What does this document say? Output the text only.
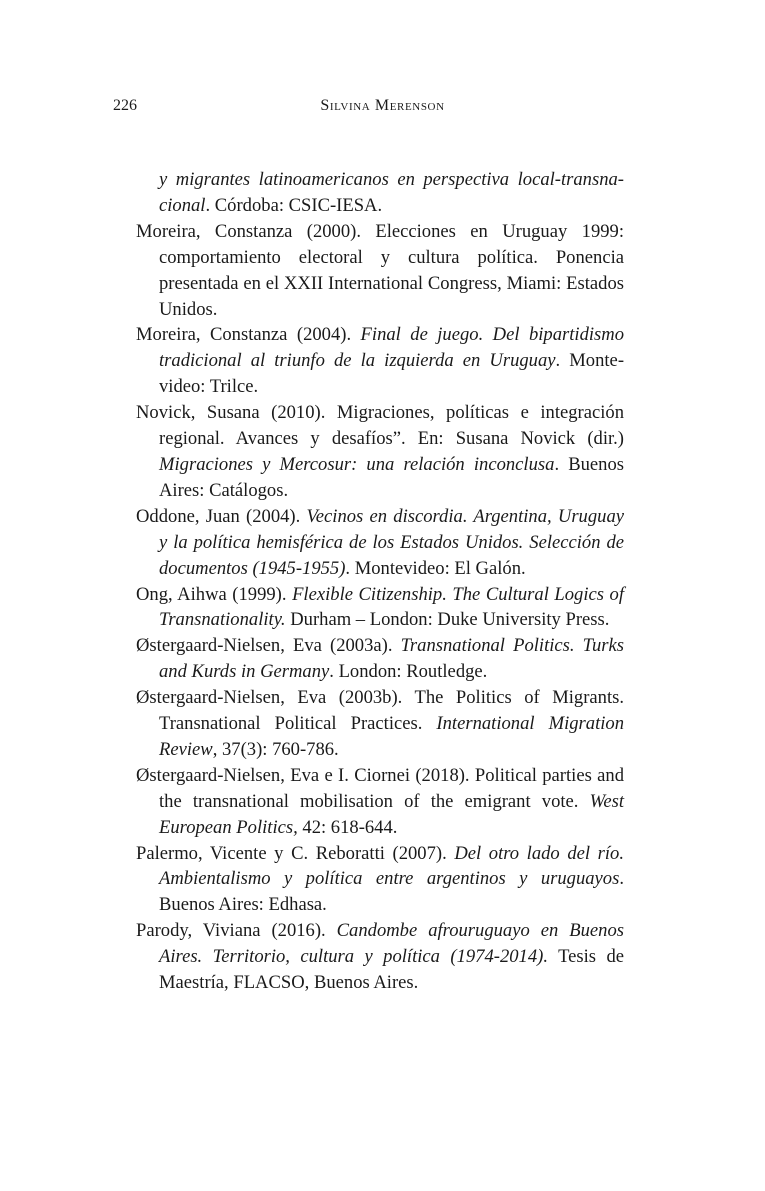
226	Silvina Merenson

y migrantes latinoamericanos en perspectiva local-transnacional. Córdoba: CSIC-IESA.

Moreira, Constanza (2000). Elecciones en Uruguay 1999: comportamiento electoral y cultura política. Ponencia presentada en el XXII International Congress, Miami: Estados Unidos.

Moreira, Constanza (2004). Final de juego. Del bipartidismo tradicional al triunfo de la izquierda en Uruguay. Montevideo: Trilce.

Novick, Susana (2010). Migraciones, políticas e integración regional. Avances y desafíos”. En: Susana Novick (dir.) Migraciones y Mercosur: una relación inconclusa. Buenos Aires: Catálogos.

Oddone, Juan (2004). Vecinos en discordia. Argentina, Uruguay y la política hemisférica de los Estados Unidos. Selección de documentos (1945-1955). Montevideo: El Galón.

Ong, Aihwa (1999). Flexible Citizenship. The Cultural Logics of Transnationality. Durham – London: Duke University Press.

Østergaard-Nielsen, Eva (2003a). Transnational Politics. Turks and Kurds in Germany. London: Routledge.

Østergaard-Nielsen, Eva (2003b). The Politics of Migrants. Transnational Political Practices. International Migration Review, 37(3): 760-786.

Østergaard-Nielsen, Eva e I. Ciornei (2018). Political parties and the transnational mobilisation of the emigrant vote. West European Politics, 42: 618-644.

Palermo, Vicente y C. Reboratti (2007). Del otro lado del río. Ambientalismo y política entre argentinos y uruguayos. Buenos Aires: Edhasa.

Parody, Viviana (2016). Candombe afrouruguayo en Buenos Aires. Territorio, cultura y política (1974-2014). Tesis de Maestría, FLACSO, Buenos Aires.
